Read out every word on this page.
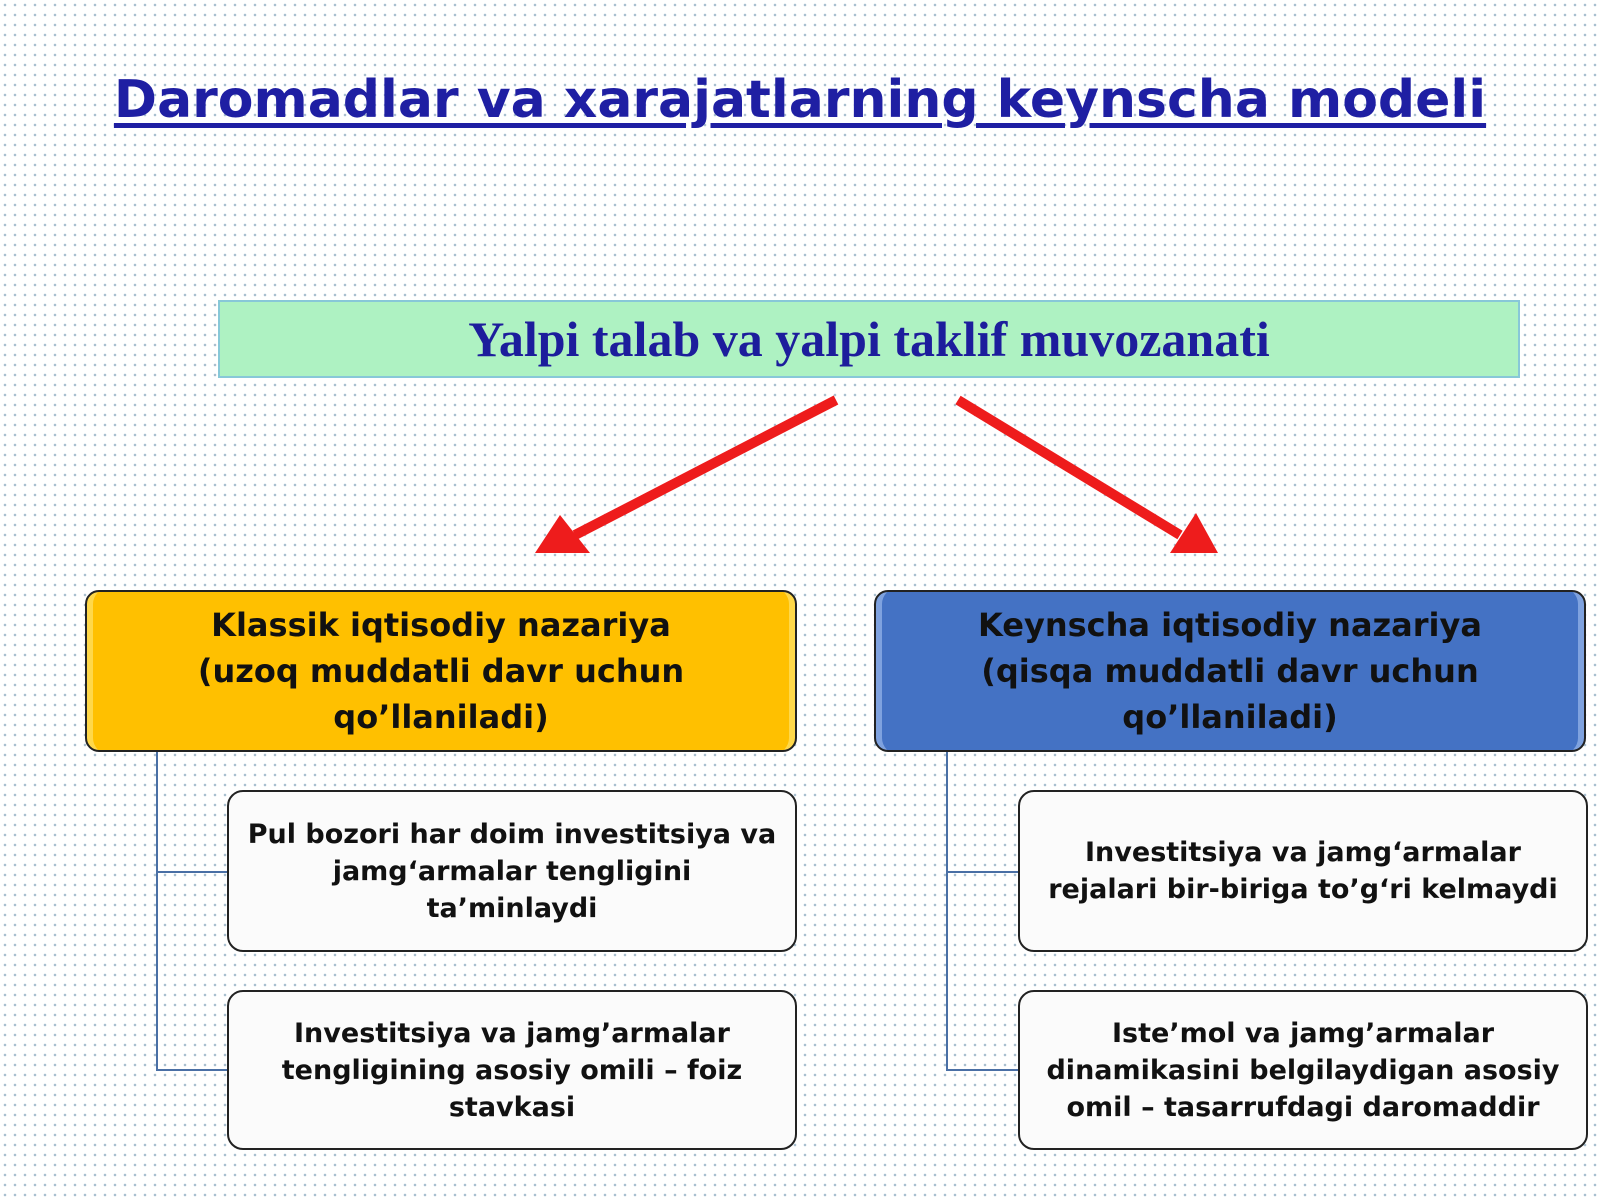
Daromadlar va xarajatlarning keynscha modeli
Yalpi talab va yalpi taklif muvozanati
Klassik iqtisodiy nazariya
(uzoq muddatli davr uchun qo’llaniladi)
Keynscha iqtisodiy nazariya
(qisqa muddatli davr uchun
qo’llaniladi)
Pul bozori har doim investitsiya va
jamg‘armalar tengligini
ta’minlaydi
Investitsiya va jamg’armalar
tengligining asosiy omili – foiz
stavkasi
Investitsiya va jamg‘armalar
rejalari bir-biriga to’g‘ri kelmaydi
Iste’mol va jamg’armalar
dinamikasini belgilaydigan asosiy
omil – tasarrufdagi daromaddir
